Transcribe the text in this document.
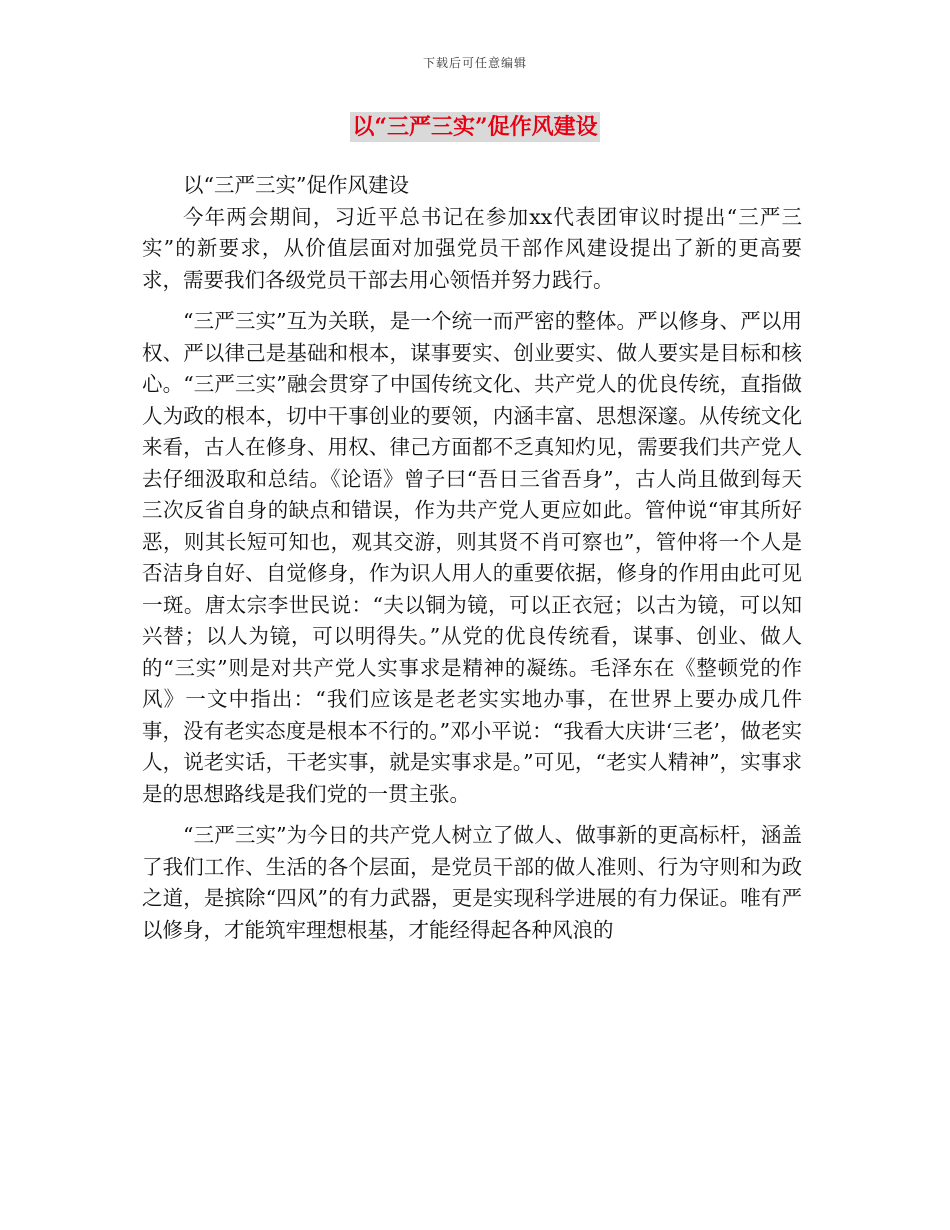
下载后可任意编辑
以“三严三实”促作风建设

以“三严三实”促作风建设

今年两会期间，习近平总书记在参加xx代表团审议时提出“三严三实”的新要求，从价值层面对加强党员干部作风建设提出了新的更高要求，需要我们各级党员干部去用心领悟并努力践行。

“三严三实”互为关联，是一个统一而严密的整体。严以修身、严以用权、严以律己是基础和根本，谋事要实、创业要实、做人要实是目标和核心。“三严三实”融会贯穿了中国传统文化、共产党人的优良传统，直指做人为政的根本，切中干事创业的要领，内涵丰富、思想深邃。从传统文化来看，古人在修身、用权、律己方面都不乏真知灼见，需要我们共产党人去仔细汲取和总结。《论语》曾子曰“吾日三省吾身”，古人尚且做到每天三次反省自身的缺点和错误，作为共产党人更应如此。管仲说“审其所好恶，则其长短可知也，观其交游，则其贤不肖可察也”，管仲将一个人是否洁身自好、自觉修身，作为识人用人的重要依据，修身的作用由此可见一斑。唐太宗李世民说：“夫以铜为镜，可以正衣冠；以古为镜，可以知兴替；以人为镜，可以明得失。”从党的优良传统看，谋事、创业、做人的“三实”则是对共产党人实事求是精神的凝练。毛泽东在《整顿党的作风》一文中指出：“我们应该是老老实实地办事，在世界上要办成几件事，没有老实态度是根本不行的。”邓小平说：“我看大庆讲‘三老’，做老实人，说老实话，干老实事，就是实事求是。”可见，“老实人精神”，实事求是的思想路线是我们党的一贯主张。

“三严三实”为今日的共产党人树立了做人、做事新的更高标杆，涵盖了我们工作、生活的各个层面，是党员干部的做人准则、行为守则和为政之道，是摈除“四风”的有力武器，更是实现科学进展的有力保证。唯有严以修身，才能筑牢理想根基，才能经得起各种风浪的
